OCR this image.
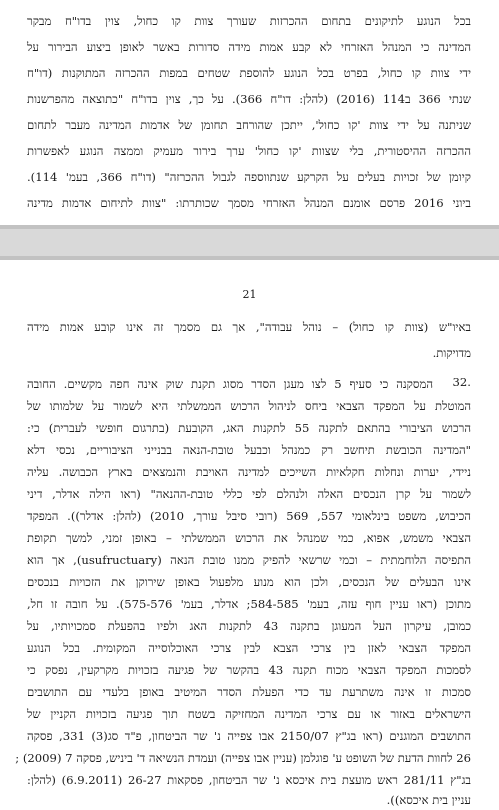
בכל הנוגע לתיקונים בתחום ההכרזות שעורך צוות קו כחול, צוין בדו"ח מבקר
המדינה כי המנהל האזרחי לא קבע אמות מידה סדורות באשר לאופן ביצוע הבירור על
ידי צוות קו כחול, בפרט בכל הנוגע להוספת שטחים במפות ההכרזה המתוקנות (דו"ח
שנתי 366 ב114 (2016) (להלן: דו"ח 366). על כך, צוין בדו"ח "כתוצאה מהפרשנות
שניתנה על ידי צוות 'קו כחול', ייתכן שהורחב תחומן של אדמות המדינה מעבר לתחום
ההכרזה ההיסטורית, בלי שצוות 'קו כחול' ערך בירור מעמיק וממצה הנוגע לאפשרות
קיומן של זכויות בעלים על הקרקע שנתווספה לגבול ההכרזה" (דו"ח 366, בעמ' 114).
ביוני 2016 פרסם אומנם המנהל האזרחי מסמך שכותרתו: "צוות לתיחום אדמות מדינה
21
באיו"ש (צוות קו כחול) – נוהל עבודה", אך גם מסמך זה אינו קובע אמות מידה
מדויקות.
32.
המסקנה כי סעיף 5 לצו מעגן הסדר מסוג תקנת שוק אינה חפה מקשיים. החובה
המוטלת על המפקד הצבאי ביחס לניהול הרכוש הממשלתי היא לשמור על שלמותו של
הרכוש הציבורי בהתאם לתקנה 55 לתקנות האג, הקובעת (בתרגום חופשי לעברית) כי:
"המדינה הכובשת תיחשב רק כמנהל וכבעל טובת-הנאה בבנייני הציבוריים, נכסי דלא
ניידי, יערות ונחלות חקלאיות השייכים למדינה האויבת והנמצאים בארץ הכבושה. עליה
לשמור על קרן הנכסים האלה ולנהלם לפי כללי טובת-ההנאה" (ראו הילה אדלר, דיני
הכיבוש, משפט בינלאומי 557, 569 (רובי סיבל עורך, 2010) (להלן: אדלר)). המפקד
הצבאי משמש, אפוא, כמי שמנהל את הרכוש הממשלתי – באופן זמני, למשך תקופת
התפיסה הלוחמתית – וכמי שרשאי להפיק ממנו טובת הנאה (usufructuary), אך הוא
אינו הבעלים של הנכסים, ולכן הוא מנוע מלפעול באופן שירוקן את הזכויות בנכסים
מתוכן (ראו עניין חוף עזה, בעמ' 584-585; אדלר, בעמ' 575-576). על חובה זו חל,
כמובן, עיקרון העל המעוגן בתקנה 43 לתקנות האג ולפיו בהפעלת סמכויותיו, על
המפקד הצבאי לאזן בין צרכי הצבא לבין צרכי האוכלוסייה המקומית. בכל הנוגע
לסמכות המפקד הצבאי מכוח תקנה 43 בהקשר של פגיעה בזכויות מקרקעין, נפסק כי
סמכות זו אינה משתרעת עד כדי הפעלת הסדר המיטיב באופן בלעדי עם התושבים
הישראלים באזור או עם צרכי המדינה המחזיקה בשטח תוך פגיעה בזכויות הקניין של
התושבים המוגנים (ראו בג"ץ 2150/07 אבו צפייה נ' שר הביטחון, פ"ד סג(3) 331, פסקה
26 לחוות הדעת של השופט ע' פוגלמן (עניין אבו צפייה) ועמדת הנשיאה ד' ביניש, פסקה 7 (2009) ;
בג"ץ 281/11 ראש מועצת בית איכסא נ' שר הביטחון, פסקאות 26-27 (6.9.2011) (להלן:
עניין בית איכסא)).
